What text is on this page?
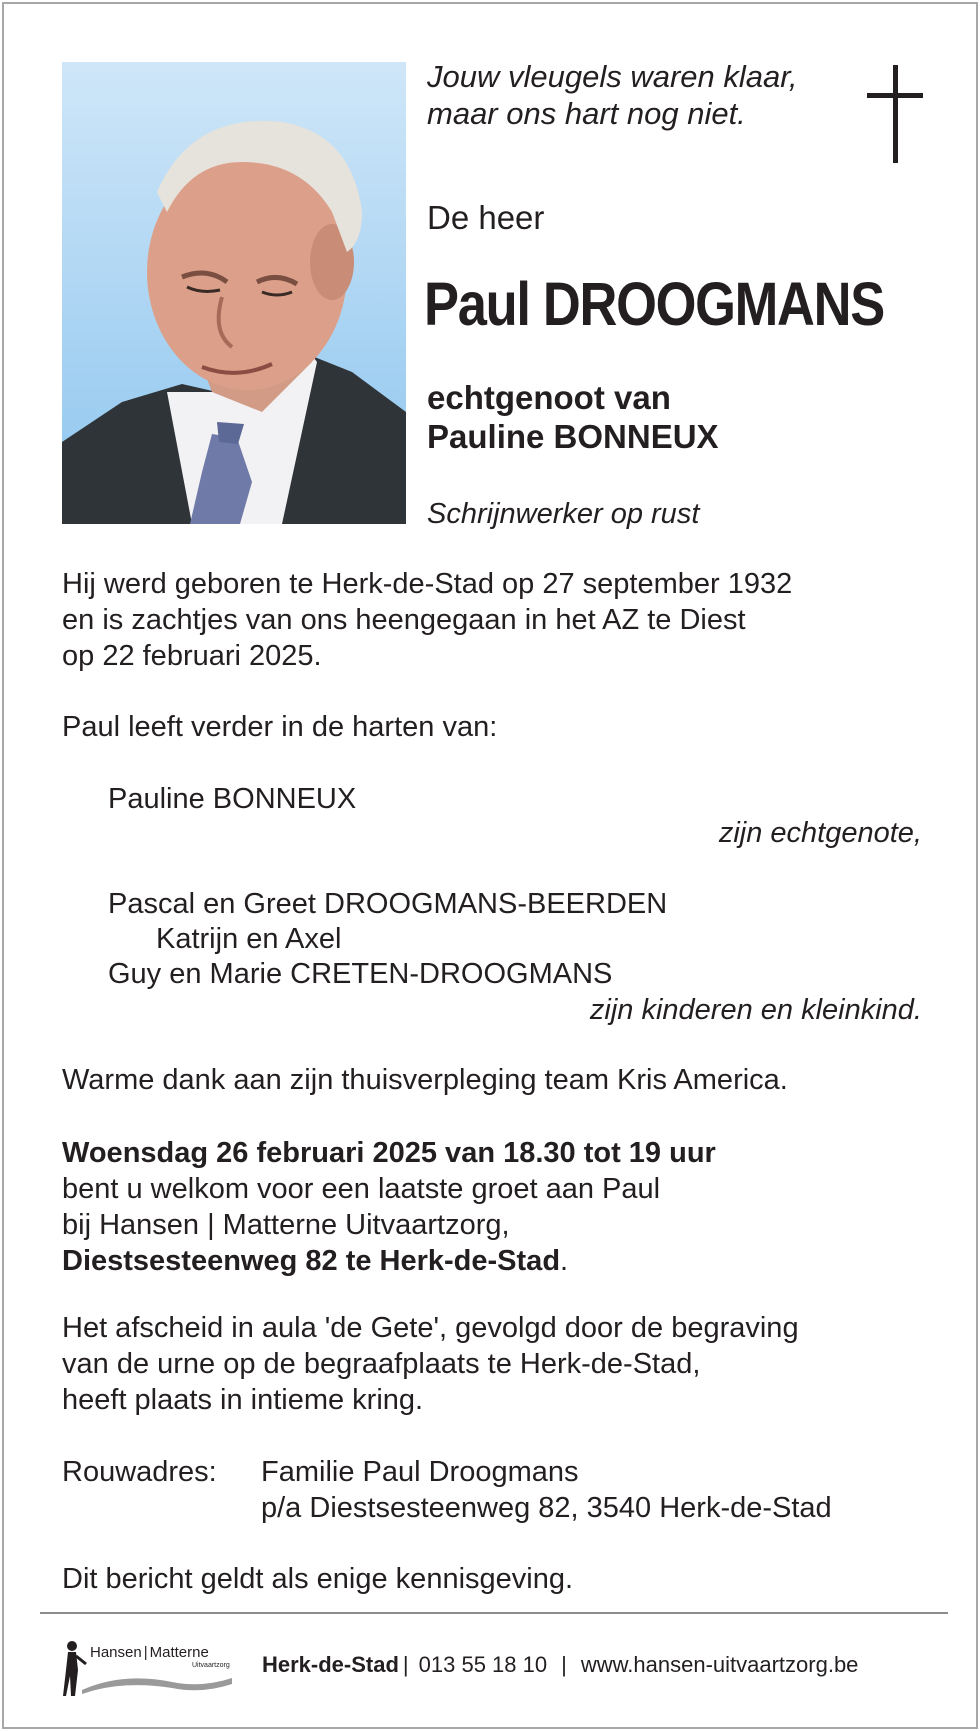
Jouw vleugels waren klaar,
maar ons hart nog niet.
De heer
Paul DROOGMANS
echtgenoot van
Pauline BONNEUX
Schrijnwerker op rust
Hij werd geboren te Herk-de-Stad op 27 september 1932
en is zachtjes van ons heengegaan in het AZ te Diest
op 22 februari 2025.
Paul leeft verder in de harten van:
Pauline BONNEUX
zijn echtgenote,
Pascal en Greet DROOGMANS-BEERDEN
Katrijn en Axel
Guy en Marie CRETEN-DROOGMANS
zijn kinderen en kleinkind.
Warme dank aan zijn thuisverpleging team Kris America.
Woensdag 26 februari 2025 van 18.30 tot 19 uur
bent u welkom voor een laatste groet aan Paul
bij Hansen | Matterne Uitvaartzorg,
Diestsesteenweg 82 te Herk-de-Stad.
Het afscheid in aula 'de Gete', gevolgd door de begraving
van de urne op de begraafplaats te Herk-de-Stad,
heeft plaats in intieme kring.
Rouwadres: Familie Paul Droogmans
p/a Diestsesteenweg 82, 3540 Herk-de-Stad
Dit bericht geldt als enige kennisgeving.
Hansen | Matterne
Uitvaartzorg Herk-de-Stad | 013 55 18 10 | www.hansen-uitvaartzorg.be
